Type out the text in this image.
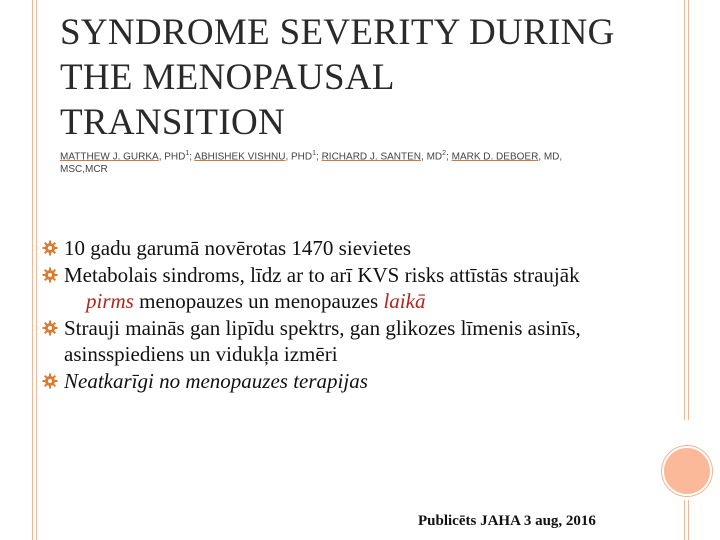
SYNDROME SEVERITY DURING
THE MENOPAUSAL
TRANSITION
MATTHEW J. GURKA, PHD$^1$; ABHISHEK VISHNU, PHD$^1$; RICHARD J. SANTEN, $MD^2$; MARK D. DEBOER, MD,
MSC,MCR
10 gadu garumā novērotas 1470 sievietes
Metabolais sindroms, līdz ar to arī KVS risks attīstās straujāk
pirms menopauzes un menopauzes laikā
Strauji mainās gan lipīdu spektrs, gan glikozes līmenis asinīs,
asinsspiediens un vidukļa izmēri
Neatkarīgi no menopauzes terapijas
Publicēts JAHA 3 aug, 2016
